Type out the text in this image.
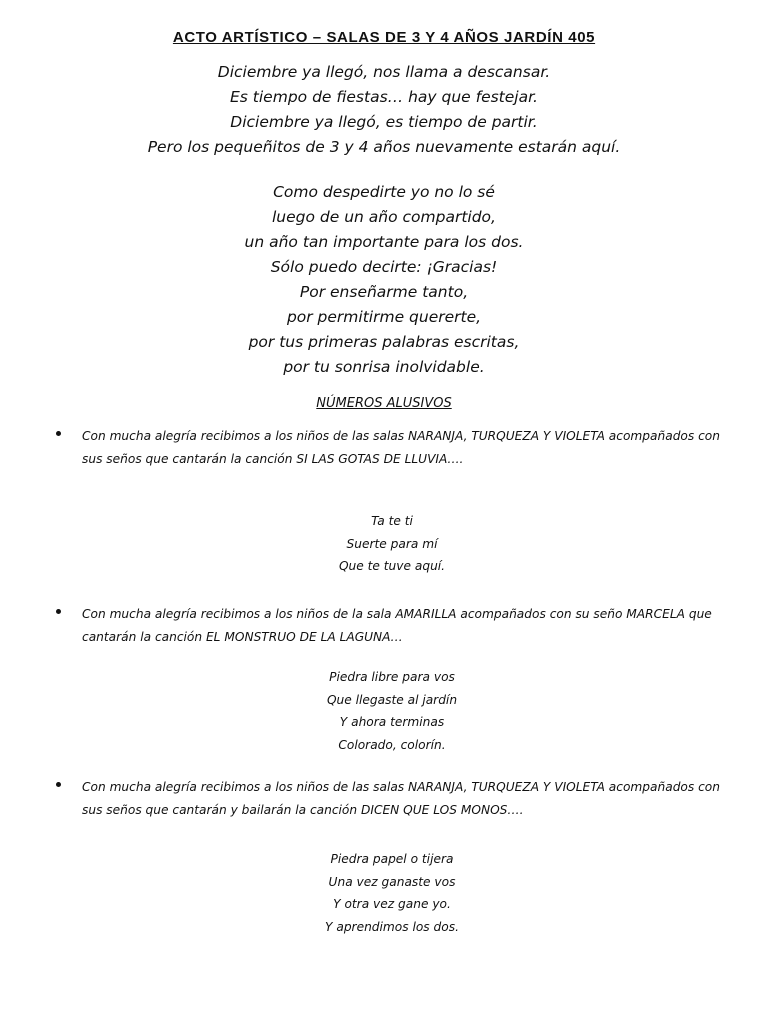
ACTO ARTÍSTICO – SALAS DE 3 Y 4 AÑOS JARDÍN 405
Diciembre ya llegó, nos llama a descansar.
Es tiempo de fiestas… hay que festejar.
Diciembre ya llegó, es tiempo de partir.
Pero los pequeñitos de 3 y 4 años nuevamente estarán aquí.
Como despedirte yo no lo sé
luego de un año compartido,
un año tan importante para los dos.
Sólo puedo decirte: ¡Gracias!
Por enseñarme tanto,
por permitirme quererte,
por tus primeras palabras escritas,
por tu sonrisa inolvidable.
NÚMEROS ALUSIVOS

Con mucha alegría recibimos a los niños de las salas NARANJA, TURQUEZA Y VIOLETA acompañados con sus seños que cantarán la canción SI LAS GOTAS DE LLUVIA….

Ta te ti
Suerte para mí
Que te tuve aquí.

Con mucha alegría recibimos a los niños de la sala AMARILLA acompañados con su seño MARCELA que cantarán la canción EL MONSTRUO DE LA LAGUNA…

Piedra libre para vos
Que llegaste al jardín
Y ahora terminas
Colorado, colorín.

Con mucha alegría recibimos a los niños de las salas NARANJA, TURQUEZA Y VIOLETA acompañados con sus seños que cantarán y bailarán la canción DICEN QUE LOS MONOS….

Piedra papel o tijera
Una vez ganaste vos
Y otra vez gane yo.
Y aprendimos los dos.
